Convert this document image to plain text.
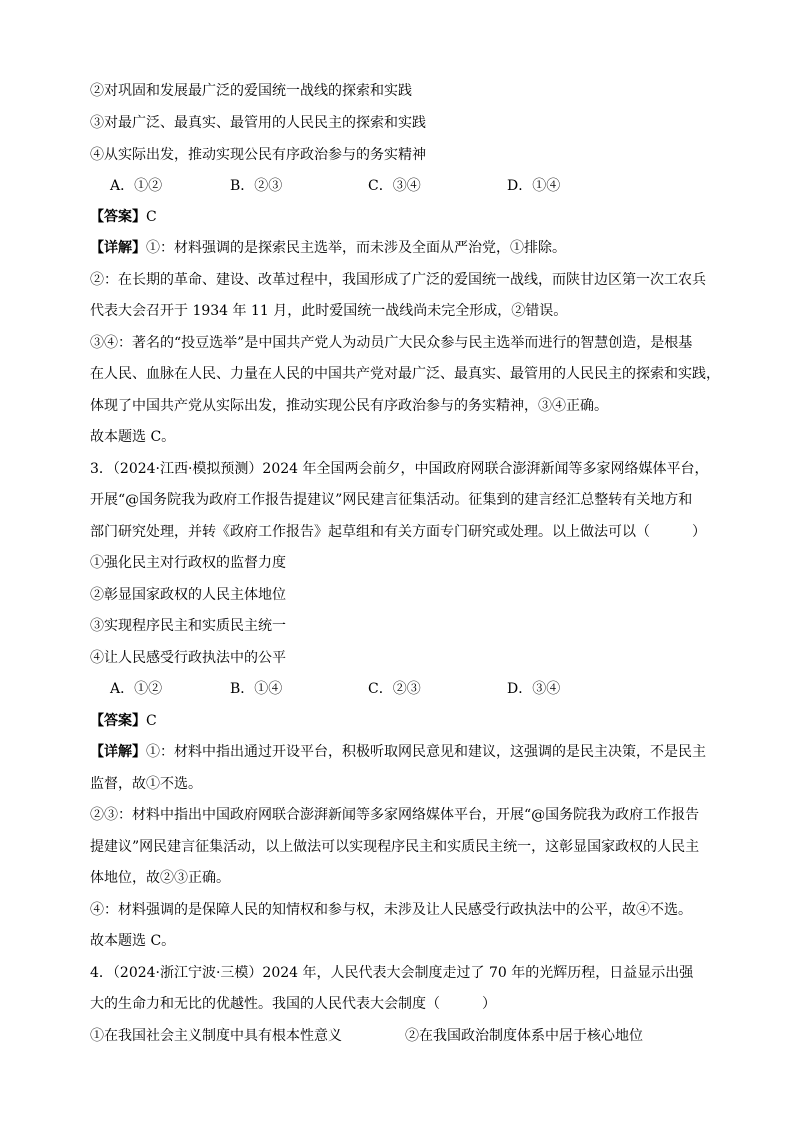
②对巩固和发展最广泛的爱国统一战线的探索和实践
③对最广泛、最真实、最管用的人民民主的探索和实践
④从实际出发，推动实现公民有序政治参与的务实精神
A．①②	B．②③	C．③④	D．①④
【答案】C
【详解】①：材料强调的是探索民主选举，而未涉及全面从严治党，①排除。
②：在长期的革命、建设、改革过程中，我国形成了广泛的爱国统一战线，而陕甘边区第一次工农兵
代表大会召开于 1934 年 11 月，此时爱国统一战线尚未完全形成，②错误。
③④：著名的“投豆选举”是中国共产党人为动员广大民众参与民主选举而进行的智慧创造，是根基
在人民、血脉在人民、力量在人民的中国共产党对最广泛、最真实、最管用的人民民主的探索和实践，
体现了中国共产党从实际出发，推动实现公民有序政治参与的务实精神，③④正确。
故本题选 C。
3．（2024·江西·模拟预测）2024 年全国两会前夕，中国政府网联合澎湃新闻等多家网络媒体平台，
开展“@国务院我为政府工作报告提建议”网民建言征集活动。征集到的建言经汇总整转有关地方和
部门研究处理，并转《政府工作报告》起草组和有关方面专门研究或处理。以上做法可以（　　　）
①强化民主对行政权的监督力度
②彰显国家政权的人民主体地位
③实现程序民主和实质民主统一
④让人民感受行政执法中的公平
A．①②	B．①④	C．②③	D．③④
【答案】C
【详解】①：材料中指出通过开设平台，积极听取网民意见和建议，这强调的是民主决策，不是民主
监督，故①不选。
②③：材料中指出中国政府网联合澎湃新闻等多家网络媒体平台，开展“@国务院我为政府工作报告
提建议”网民建言征集活动，以上做法可以实现程序民主和实质民主统一，这彰显国家政权的人民主
体地位，故②③正确。
④：材料强调的是保障人民的知情权和参与权，未涉及让人民感受行政执法中的公平，故④不选。
故本题选 C。
4．（2024·浙江宁波·三模）2024 年，人民代表大会制度走过了 70 年的光辉历程，日益显示出强
大的生命力和无比的优越性。我国的人民代表大会制度（　　　）
①在我国社会主义制度中具有根本性意义	②在我国政治制度体系中居于核心地位
